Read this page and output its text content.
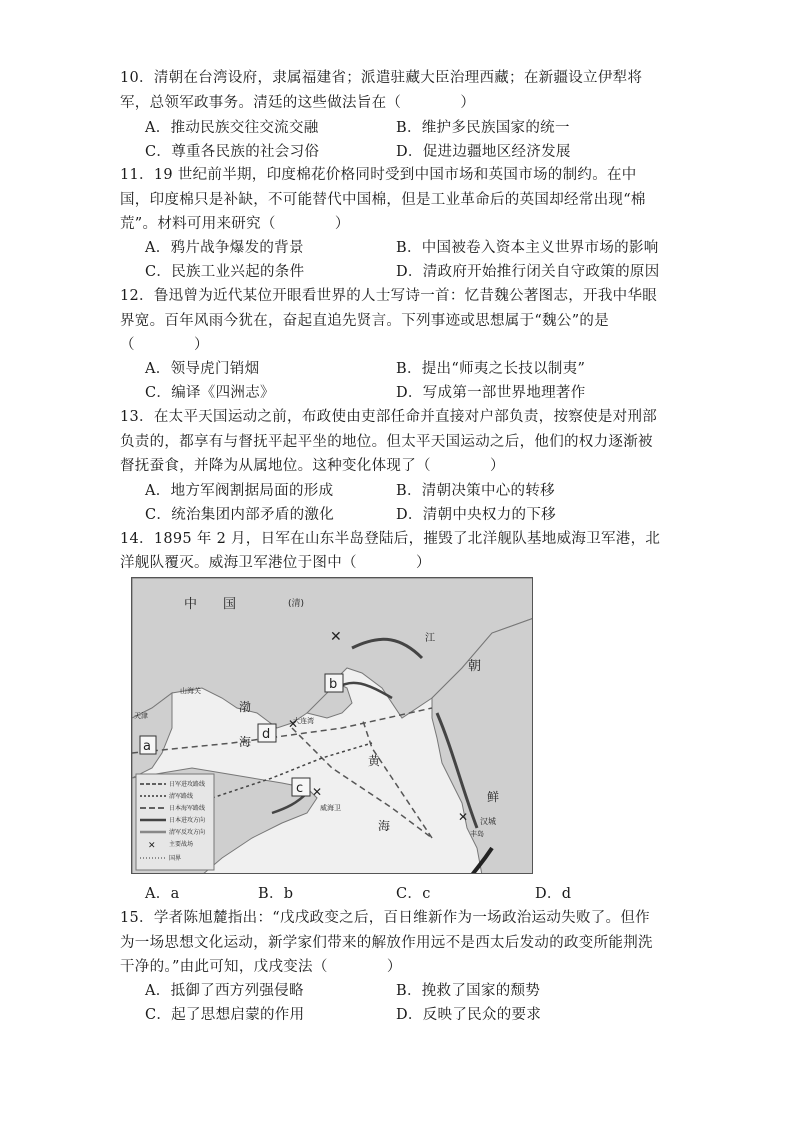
10．清朝在台湾设府，隶属福建省；派遣驻藏大臣治理西藏；在新疆设立伊犁将
军，总领军政事务。清廷的这些做法旨在（　　　　）
A．推动民族交往交流交融	B．维护多民族国家的统一
C．尊重各民族的社会习俗	D．促进边疆地区经济发展
11．19 世纪前半期，印度棉花价格同时受到中国市场和英国市场的制约。在中
国，印度棉只是补缺，不可能替代中国棉，但是工业革命后的英国却经常出现“棉
荒”。材料可用来研究（　　　　）
A．鸦片战争爆发的背景	B．中国被卷入资本主义世界市场的影响
C．民族工业兴起的条件	D．清政府开始推行闭关自守政策的原因
12．鲁迅曾为近代某位开眼看世界的人士写诗一首：忆昔魏公著图志，开我中华眼
界宽。百年风雨今犹在，奋起直追先贤言。下列事迹或思想属于“魏公”的是
（　　　　）
A．领导虎门销烟	B．提出“师夷之长技以制夷”
C．编译《四洲志》	D．写成第一部世界地理著作
13．在太平天国运动之前，布政使由吏部任命并直接对户部负责，按察使是对刑部
负责的，都享有与督抚平起平坐的地位。但太平天国运动之后，他们的权力逐渐被
督抚蚕食，并降为从属地位。这种变化体现了（　　　　）
A．地方军阀割据局面的形成	B．清朝决策中心的转移
C．统治集团内部矛盾的激化	D．清朝中央权力的下移
14．1895 年 2 月，日军在山东半岛登陆后，摧毁了北洋舰队基地威海卫军港，北
洋舰队覆灭。威海卫军港位于图中（　　　　）
✕
✕
✕
✕
中　　国	(清)
朝
鲜
渤
海
黄
海
江
汉城
天津
山海关
大连湾
威海卫
丰岛
a
b
c
d
日军进攻路线
清军路线
日本海军路线
日本进攻方向
清军反攻方向
✕ 主要战场
国界
A．a	B．b	C．c	D．d
15．学者陈旭麓指出：“戊戌政变之后，百日维新作为一场政治运动失败了。但作
为一场思想文化运动，新学家们带来的解放作用远不是西太后发动的政变所能荆洗
干净的。”由此可知，戊戌变法（　　　　）
A．抵御了西方列强侵略	B．挽救了国家的颓势
C．起了思想启蒙的作用	D．反映了民众的要求
